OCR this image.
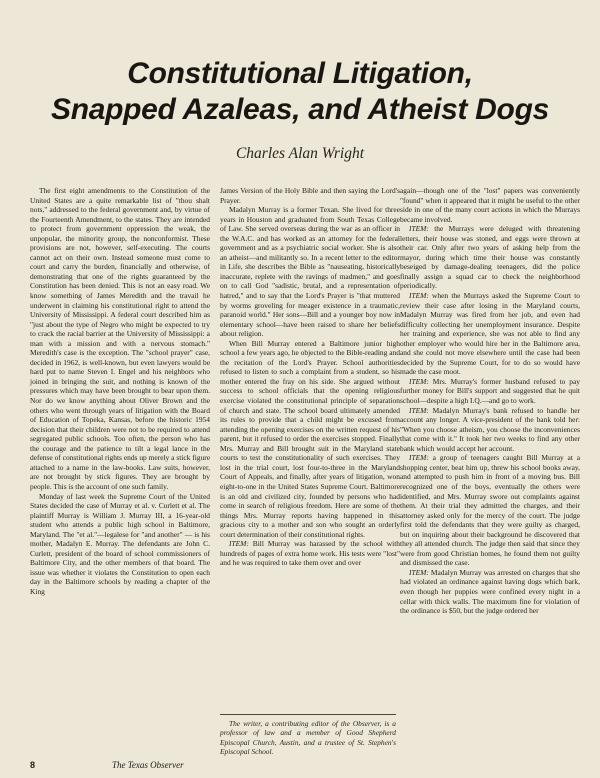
Constitutional Litigation,
Snapped Azaleas, and Atheist Dogs
Charles Alan Wright

The first eight amendments to the Constitution of the United States are a quite remarkable list of "thou shalt nots," addressed to the federal government and, by virtue of the Fourteenth Amendment, to the states. They are intended to protect from government oppression the weak, the unpopular, the minority group, the nonconformist. These provisions are not, however, self-executing. The courts cannot act on their own. Instead someone must come to court and carry the burden, financially and otherwise, of demonstrating that one of the rights guaranteed by the Constitution has been denied. This is not an easy road. We know something of James Meredith and the travail he underwent in claiming his constitutional right to attend the University of Mississippi. A federal court described him as "just about the type of Negro who might be expected to try to crack the racial barrier at the University of Mississippi: a man with a mission and with a nervous stomach." Meredith's case is the exception. The "school prayer" case, decided in 1962, is well-known, but even lawyers would be hard put to name Steven I. Engel and his neighbors who joined in bringing the suit, and nothing is known of the pressures which may have been brought to bear upon them. Nor do we know anything about Oliver Brown and the others who went through years of litigation with the Board of Education of Topeka, Kansas, before the historic 1954 decision that their children were not to be required to attend segregated public schools. Too often, the person who has the courage and the patience to tilt a legal lance in the defense of constitutional rights ends up merely a stick figure attached to a name in the law-books. Law suits, however, are not brought by stick figures. They are brought by people. This is the account of one such family.

Monday of last week the Supreme Court of the United States decided the case of Murray et al. v. Curlett et al. The plaintiff Murray is William J. Murray III, a 16-year-old student who attends a public high school in Baltimore, Maryland. The "et al."—legalese for "and another" — is his mother, Madalyn E. Murray. The defendants are John C. Curlett, president of the board of school commissioners of Baltimore City, and the other members of that board. The issue was whether it violates the Constitution to open each day in the Baltimore schools by reading a chapter of the King

James Version of the Holy Bible and then saying the Lord's Prayer.

Madalyn Murray is a former Texan. She lived for three years in Houston and graduated from South Texas College of Law. She served overseas during the war as an officer in the W.A.C. and has worked as an attorney for the federal government and as a psychiatric social worker. She is also an atheist—and militantly so. In a recent letter to the editor in Life, she describes the Bible as "nauseating, historically inaccurate, replete with the ravings of madmen," and goes on to call God "sadistic, brutal, and a representation of hatred," and to say that the Lord's Prayer is "that muttered by worms groveling for meager existence in a traumatic, paranoid world." Her sons—Bill and a younger boy now in elementary school—have been raised to share her beliefs about religion.

When Bill Murray entered a Baltimore junior high school a few years ago, he objected to the Bible-reading and the recitation of the Lord's Prayer. School authorities refused to listen to such a complaint from a student, so his mother entered the fray on his side. She argued without success to school officials that the opening religious exercise violated the constitutional principle of separation of church and state. The school board ultimately amended its rules to provide that a child might be excused from attending the opening exercises on the written request of his parent, but it refused to order the exercises stopped. Finally Mrs. Murray and Bill brought suit in the Maryland state courts to test the constitutionality of such exercises. They lost in the trial court, lost four-to-three in the Maryland Court of Appeals, and finally, after years of litigation, won eight-to-one in the United States Supreme Court. Baltimore is an old and civilized city, founded by persons who had come in search of religious freedom. Here are some of the things Mrs. Murray reports having happened in this gracious city to a mother and son who sought an orderly court determination of their constitutional rights.

ITEM: Bill Murray was harassed by the school with hundreds of pages of extra home work. His tests were "lost" and he was required to take them over and over

again—though one of the "lost" papers was conveniently "found" when it appeared that it might be useful to the other side in one of the many court actions in which the Murrays became involved.

ITEM: the Murrays were deluged with threatening letters, their house was stoned, and eggs were thrown at their car. Only after two years of asking help from the mayor, during which time their house was constantly beseiged by damage-dealing teenagers, did the police finally assign a squad car to check the neighborhood periodically.

ITEM: when the Murrays asked the Supreme Court to review their case after losing in the Maryland courts, Madalyn Murray was fired from her job, and even had difficulty collecting her unemployment insurance. Despite her training and experience, she was not able to find any other employer who would hire her in the Baltimore area, and she could not move elsewhere until the case had been decided by the Supreme Court, for to do so would have made the case moot.

ITEM: Mrs. Murray's former husband refused to pay further money for Bill's support and suggested that he quit school—despite a high I.Q.—and go to work.

ITEM: Madalyn Murray's bank refused to handle her account any longer. A vice-president of the bank told her: "When you choose atheism, you choose the inconveniences that come with it." It took her two weeks to find any other bank which would accept her account.

ITEM: a group of teenagers caught Bill Murray at a shopping center, beat him up, threw his school books away, and attempted to push him in front of a moving bus. Bill recognized one of the boys, eventually the others were identified, and Mrs. Murray swore out complaints against them. At their trial they admitted the charges, and their attorney asked only for the mercy of the court. The judge first told the defendants that they were guilty as charged, but on inquiring about their background he discovered that they all attended church. The judge then said that since they were from good Christian homes, he found them not guilty and dismissed the case.

ITEM: Madalyn Murray was arrested on charges that she had violated an ordinance against having dogs which bark, even though her puppies were confined every night in a cellar with thick walls. The maximum fine for violation of the ordinance is $50, but the judge ordered her

The writer, a contributing editor of the Observer, is a professor of law and a member of Good Shepherd Episcopal Church, Austin, and a trustee of St. Stephen's Episcopal School.
8	The Texas Observer
